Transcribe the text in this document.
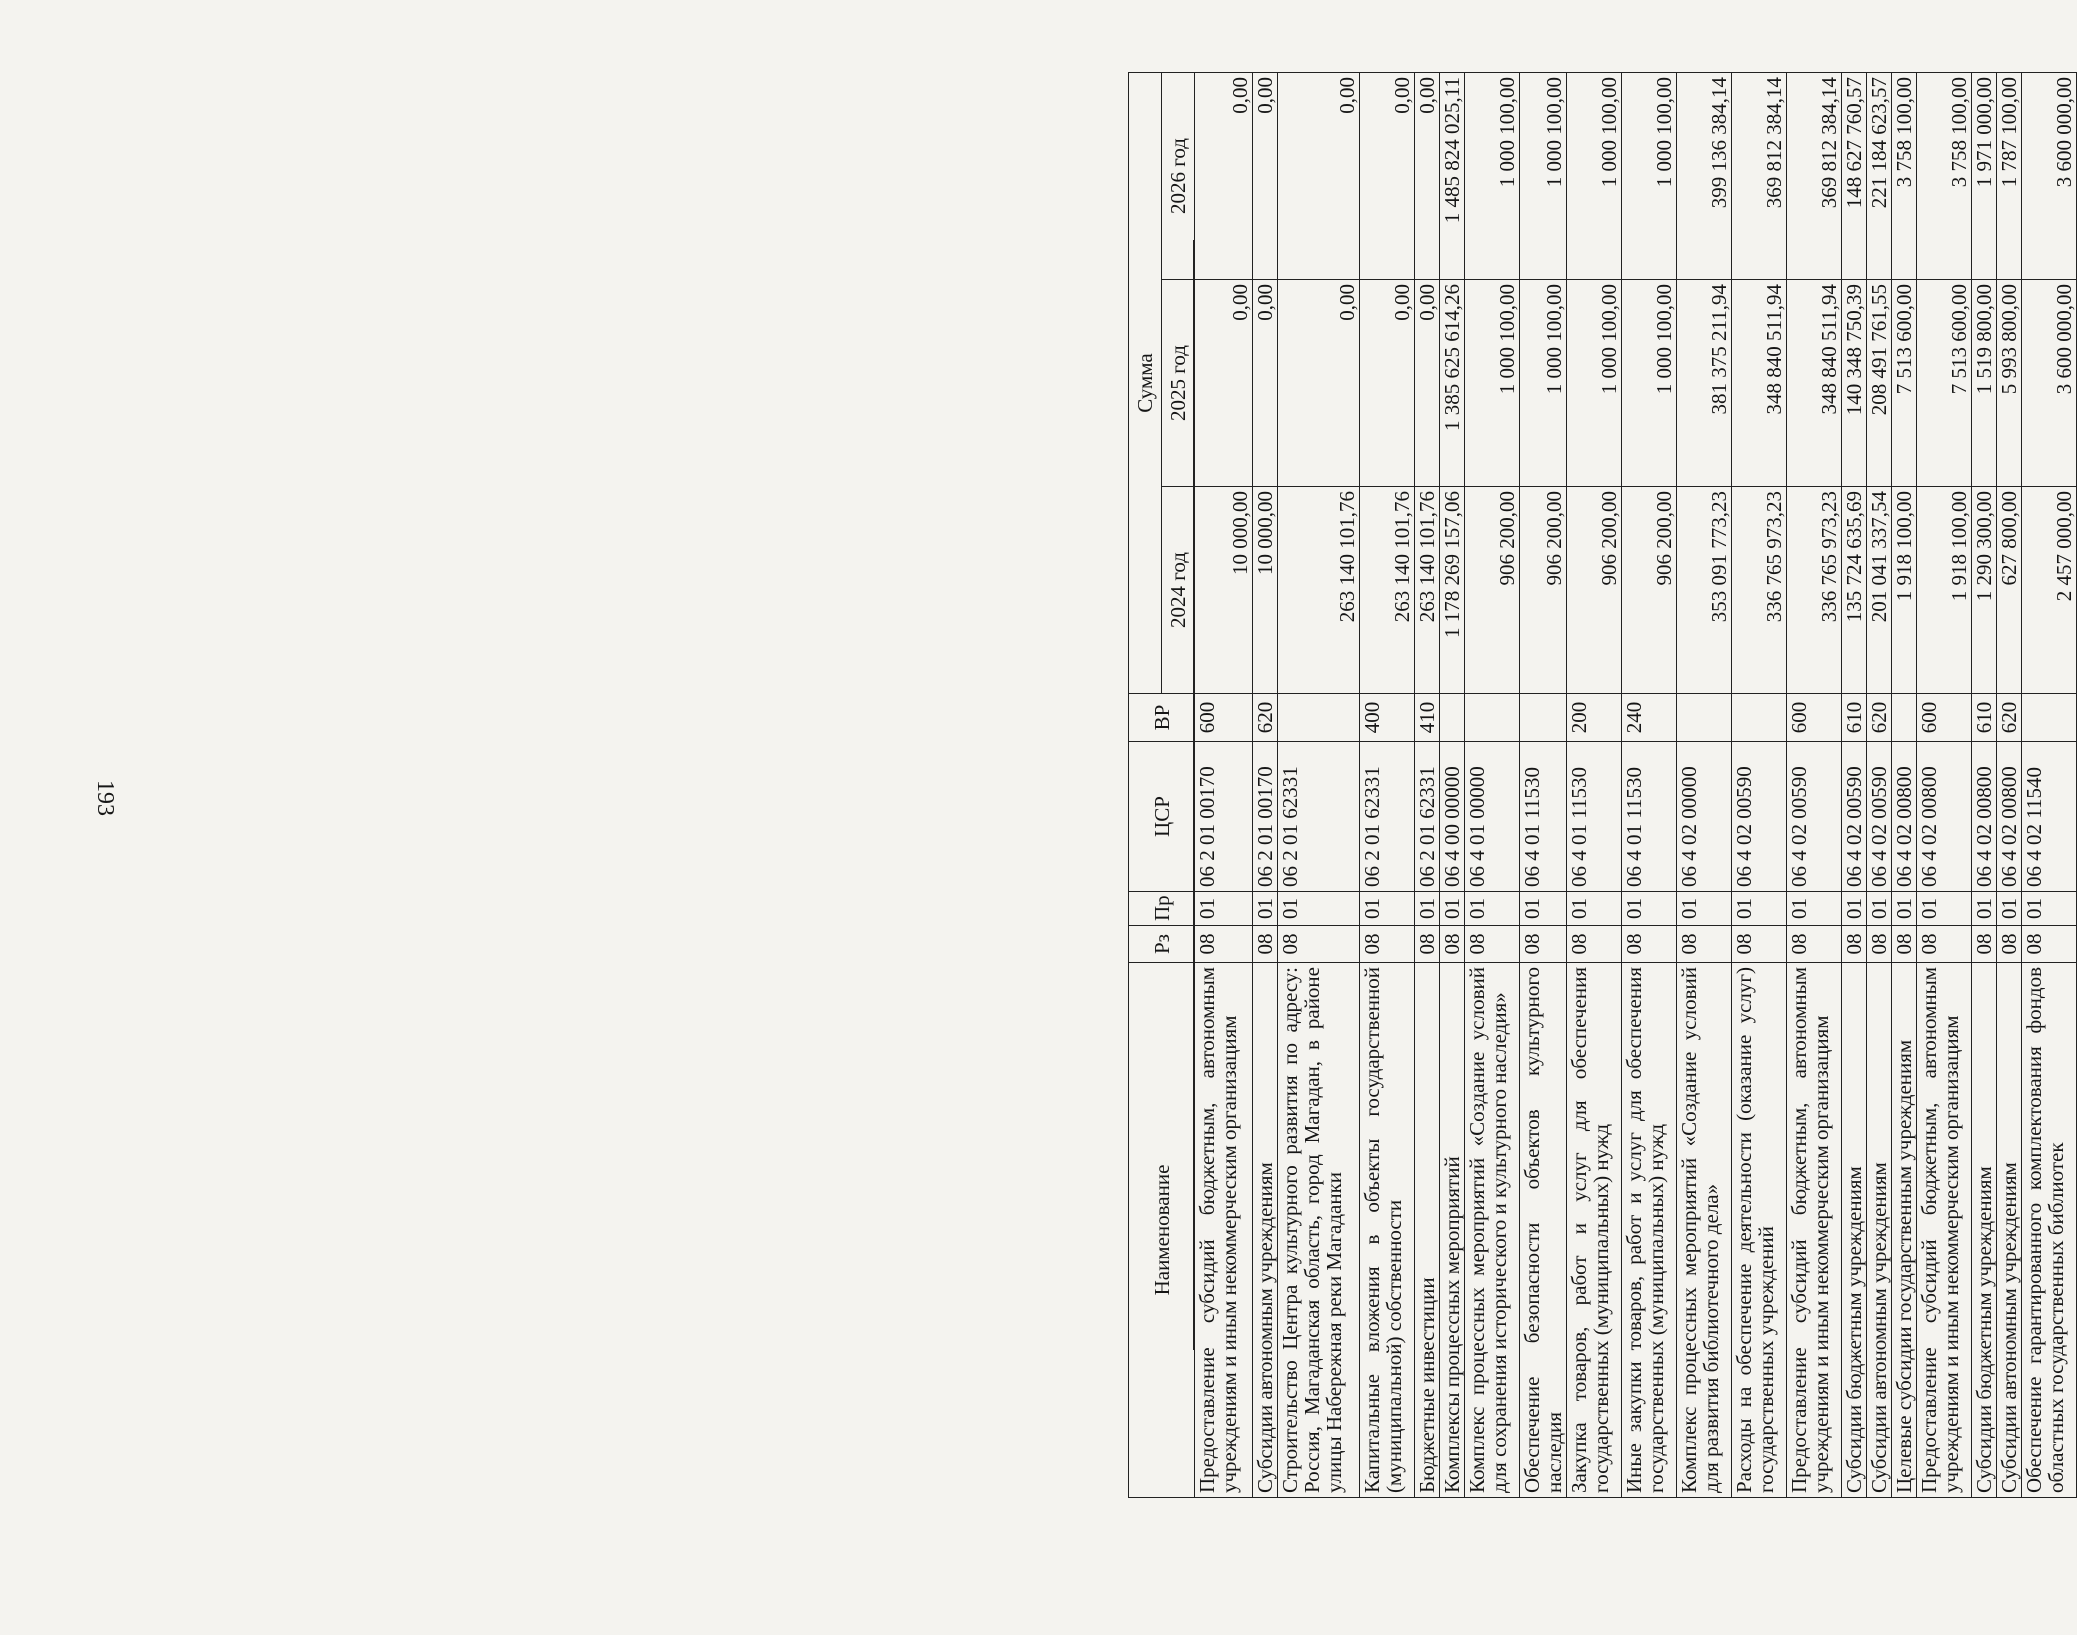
193
Наименование	Рз	Пр	ЦСР	ВР	Сумма		
					2024 год	2025 год	2026 год
Предоставление субсидий бюджетным, автономным учреждениям и иным некоммерческим организациям	08	01	06 2 01 00170	600	10 000,00	0,00	0,00
Субсидии автономным учреждениям	08	01	06 2 01 00170	620	10 000,00	0,00	0,00
Строительство Центра культурного развития по адресу: Россия, Магаданская область, город Магадан, в районе улицы Набережная реки Магаданки	08	01	06 2 01 62331		263 140 101,76	0,00	0,00
Капитальные вложения в объекты государственной (муниципальной) собственности	08	01	06 2 01 62331	400	263 140 101,76	0,00	0,00
Бюджетные инвестиции	08	01	06 2 01 62331	410	263 140 101,76	0,00	0,00
Комплексы процессных мероприятий	08	01	06 4 00 00000		1 178 269 157,06	1 385 625 614,26	1 485 824 025,11
Комплекс процессных мероприятий «Создание условий для сохранения исторического и культурного наследия»	08	01	06 4 01 00000		906 200,00	1 000 100,00	1 000 100,00
Обеспечение безопасности объектов культурного наследия	08	01	06 4 01 11530		906 200,00	1 000 100,00	1 000 100,00
Закупка товаров, работ и услуг для обеспечения государственных (муниципальных) нужд	08	01	06 4 01 11530	200	906 200,00	1 000 100,00	1 000 100,00
Иные закупки товаров, работ и услуг для обеспечения государственных (муниципальных) нужд	08	01	06 4 01 11530	240	906 200,00	1 000 100,00	1 000 100,00
Комплекс процессных мероприятий «Создание условий для развития библиотечного дела»	08	01	06 4 02 00000		353 091 773,23	381 375 211,94	399 136 384,14
Расходы на обеспечение деятельности (оказание услуг) государственных учреждений	08	01	06 4 02 00590		336 765 973,23	348 840 511,94	369 812 384,14
Предоставление субсидий бюджетным, автономным учреждениям и иным некоммерческим организациям	08	01	06 4 02 00590	600	336 765 973,23	348 840 511,94	369 812 384,14
Субсидии бюджетным учреждениям	08	01	06 4 02 00590	610	135 724 635,69	140 348 750,39	148 627 760,57
Субсидии автономным учреждениям	08	01	06 4 02 00590	620	201 041 337,54	208 491 761,55	221 184 623,57
Целевые субсидии государственным учреждениям	08	01	06 4 02 00800		1 918 100,00	7 513 600,00	3 758 100,00
Предоставление субсидий бюджетным, автономным учреждениям и иным некоммерческим организациям	08	01	06 4 02 00800	600	1 918 100,00	7 513 600,00	3 758 100,00
Субсидии бюджетным учреждениям	08	01	06 4 02 00800	610	1 290 300,00	1 519 800,00	1 971 000,00
Субсидии автономным учреждениям	08	01	06 4 02 00800	620	627 800,00	5 993 800,00	1 787 100,00
Обеспечение гарантированного комплектования фондов областных государственных библиотек	08	01	06 4 02 11540		2 457 000,00	3 600 000,00	3 600 000,00
